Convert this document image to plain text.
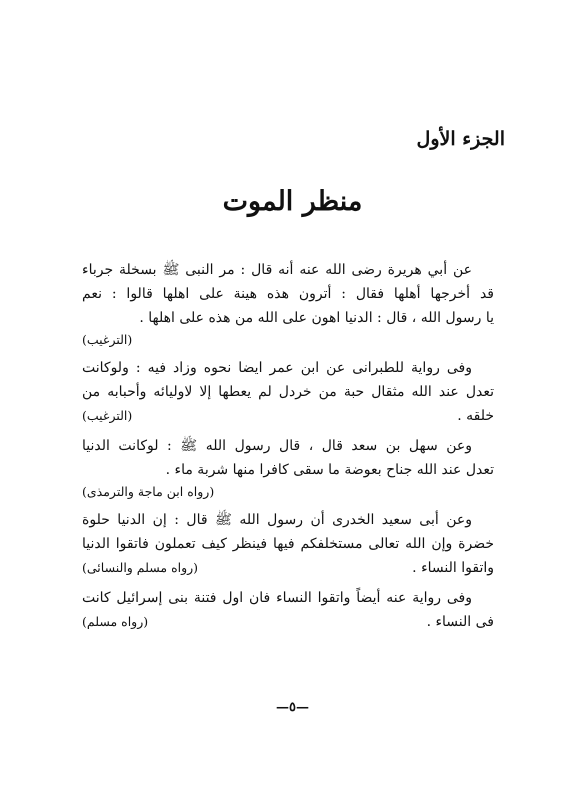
الجزء الأول
منظر الموت
عن أبي هريرة رضى الله عنه أنه قال : مر النبى ﷺ بسخلة جرباء
قد أخرجها أهلها فقال : أترون هذه هينة على اهلها قالوا : نعم
يا رسول الله ، قال : الدنيا اهون على الله من هذه على اهلها .
(الترغيب)
وفى رواية للطبرانى عن ابن عمر ايضا نحوه وزاد فيه : ولوكانت
تعدل عند الله مثقال حبة من خردل لم يعطها إلا لاوليائه وأحبابه من
خلقه .
(الترغيب)
وعن سهل بن سعد قال ، قال رسول الله ﷺ : لوكانت الدنيا
تعدل عند الله جناح بعوضة ما سقى كافرا منها شربة ماء .
(رواه ابن ماجة والترمذى)
وعن أبى سعيد الخدرى أن رسول الله ﷺ قال : إن الدنيا حلوة
خضرة وإن الله تعالى مستخلفكم فيها فينظر كيف تعملون فاتقوا الدنيا
واتقوا النساء .
(رواه مسلم والنسائى)
وفى رواية عنه أيضاً واتقوا النساء فان اول فتنة بنى إسرائيل كانت
فى النساء .
(رواه مسلم)
—٥—
